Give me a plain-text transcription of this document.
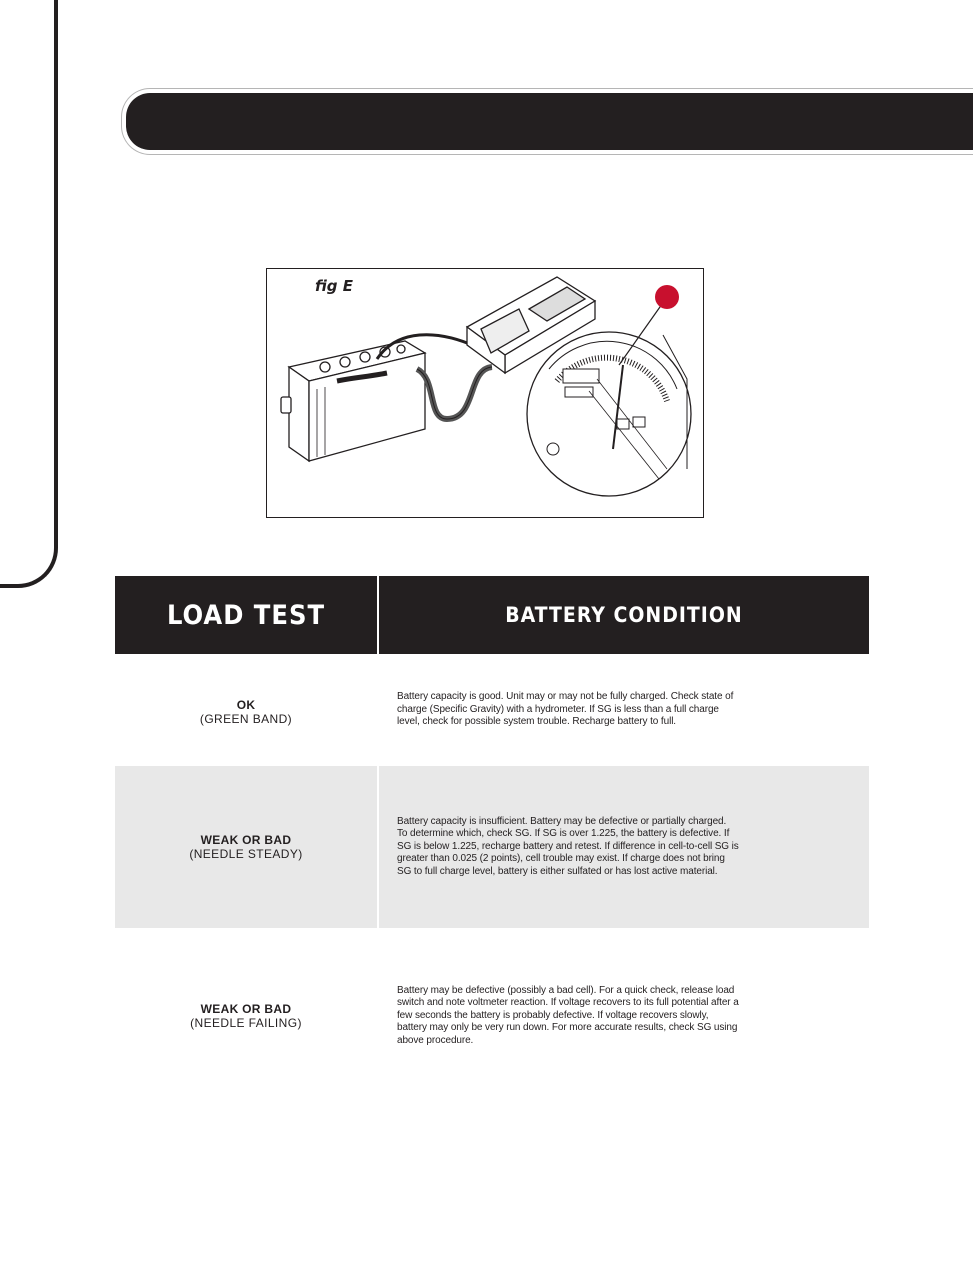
fig E
LOAD TEST	BATTERY CONDITION
OK
(GREEN BAND)
Battery capacity is good. Unit may or may not be fully charged. Check state of charge (Specific Gravity) with a hydrometer. If SG is less than a full charge level, check for possible system trouble. Recharge battery to full.
WEAK OR BAD
(NEEDLE STEADY)
Battery capacity is insufficient. Battery may be defective or partially charged. To determine which, check SG. If SG is over 1.225, the battery is defective. If SG is below 1.225, recharge battery and retest. If difference in cell-to-cell SG is greater than 0.025 (2 points), cell trouble may exist. If charge does not bring SG to full charge level, battery is either sulfated or has lost active material.
WEAK OR BAD
(NEEDLE FAILING)
Battery may be defective (possibly a bad cell). For a quick check, release load switch and note voltmeter reaction. If voltage recovers to its full potential after a few seconds the battery is probably defective. If voltage recovers slowly, battery may only be very run down. For more accurate results, check SG using above procedure.
